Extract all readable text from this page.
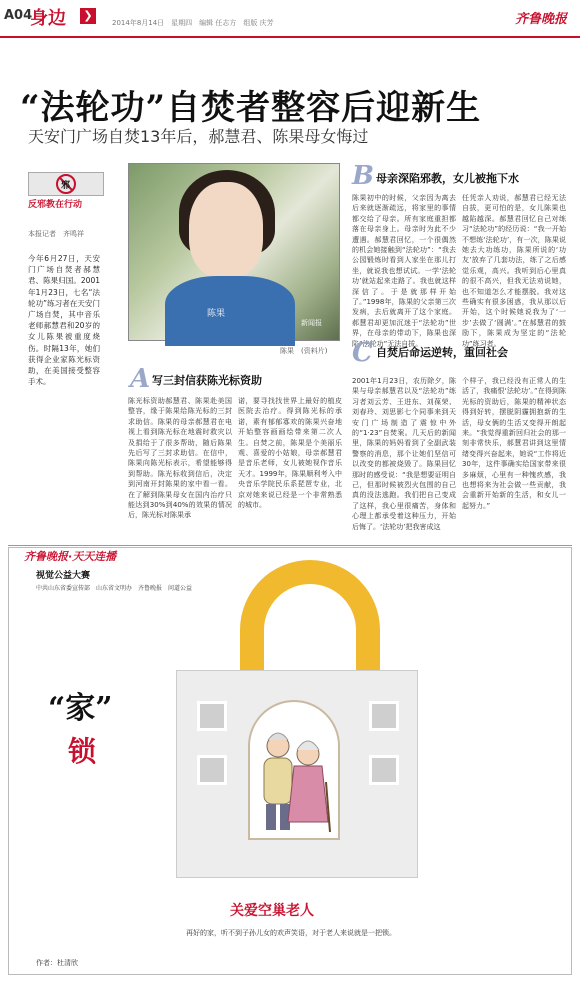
A04
身边	❯
2014年8月14日　星期四　编辑 任志方　组版 庆芳	齐鲁晚报
“法轮功”自焚者整容后迎新生
天安门广场自焚13年后，郝慧君、陈果母女悔过
邪
反邪教在行动
本报记者　齐鸣祥
今年6月27日，天安门广场自焚者郝慧君、陈果归国。2001年1月23日，七名“法轮功”练习者在天安门广场自焚，其中音乐老师郝慧君和20岁的女儿陈果被重度烧伤。时隔13年，她们获得企业家陈光标资助，在美国接受整容手术。
陈果
新闻报
陈果　(资料片)
A 写三封信获陈光标资助
陈光标资助郝慧君、陈果赴美国整容，缘于陈果给陈光标的三封求助信。陈果的母亲郝慧君在电视上看到陈光标在地震时救灾以及捐给于了很多帮助，随后陈果先后写了三封求助信。在信中，陈果向陈光标表示，希望能够得到帮助。陈光标收到信后，决定到河南开封陈果的家中看一看。在了解到陈果母女在国内治疗只能达到30%到40%的效果的情况后，陈光标对陈果承
诺，要寻找找世界上最好的植皮医院去治疗。得到陈光标的承诺，素有郁郁寡欢的陈果兴奋地开始整容画画绘带来第二次人生。自焚之前，陈果是个美丽乐观、喜爱的小姑娘，母亲郝慧君是音乐老师，女儿被她视作音乐天才。1999年，陈果顺利考入中央音乐学院民乐系琵琶专业，北京对她来说已经是一个非常熟悉的城市。
B 母亲深陷邪教，女儿被拖下水
陈果初中的时候，父亲因为离去后来就逐渐疏远，将家里的事情都交给了母亲。所有家庭重担都落在母亲身上。母亲时为此不少遭遇。郝慧君回忆，一个很偶然的机会她接触到“法轮功”：“我去公园锻炼时看到人家坐在那儿打坐，就说我也想试试。一学‘法轮功’就站起来走路了。我也就这样深信了。于是就那样开始了。”1998年，陈果的父亲第三次发病，去后就离开了这个家庭。郝慧君却更加沉迷于“法轮功”世界，在母亲的带动下，陈果也深陷“法轮功”无法自拔。
任凭亲人劝说，郝慧君已经无法自拔，更可怕的是，女儿陈果也越陷越深。郝慧君回忆自己对练习“法轮功”的经历说：“我一开始不想练‘法轮功’，有一次，陈果说她去大功练功，陈果所说的‘功友’放弃了几套功法，练了之后感觉乐观，高兴。我听到后心里真的很不高兴，但我无法劝说她，也不知道怎么才能摆脱。我对这些确实有很多困惑，我从那以后开始，这个时候她说我为了‘一步’去做了‘圆满’。”在郝慧君的鼓励下，陈果成为坚定的“法轮功”练习者。
C 自焚后命运逆转，重回社会
2001年1月23日，农历除夕，陈果与母亲郝慧君以及“法轮功”练习者刘云芳、王进东、刘葆荣、刘春玲、刘思影七个同事来到天安门广场制造了震惊中外的“1·23”自焚案。几天后的新闻里，陈果的妈妈看到了全副武装警察的消息，那个让她们坚信可以改变的都被烧毁了。陈果回忆那时的感受说：“我是想要证明自己，但那时候被烈火包围的自己真的没法逃跑。我们把自己变成了这样，我心里很痛苦，身体和心理上都承受着这种压力，开始后悔了。‘法轮功’把我害成这
个样子，我已经没有正常人的生活了，我痛恨‘法轮功’。”在得到陈光标的资助后，陈果的精神状态得到好转，摆脱阴霾拥抱新的生活，母女俩的生活又变得开朗起来。“我觉得重新回归社会的那一刻非常快乐，郝慧君讲到这里情绪变得兴奋起来，她说“工作将近30年，这件事确实给国家带来很多麻烦，心里有一种愧疚感，我也想将来为社会做一些贡献，我会重新开始新的生活，和女儿一起努力。”
齐鲁晚报·天天连播
视觉公益大赛
中共山东省委宣传部　山东省文明办　齐鲁晚报　问道公益
“家”
锁
关爱空巢老人
再好的家，听不到子孙儿女的欢声笑语，对于老人来说就是一把锁。
作者：杜清欣
